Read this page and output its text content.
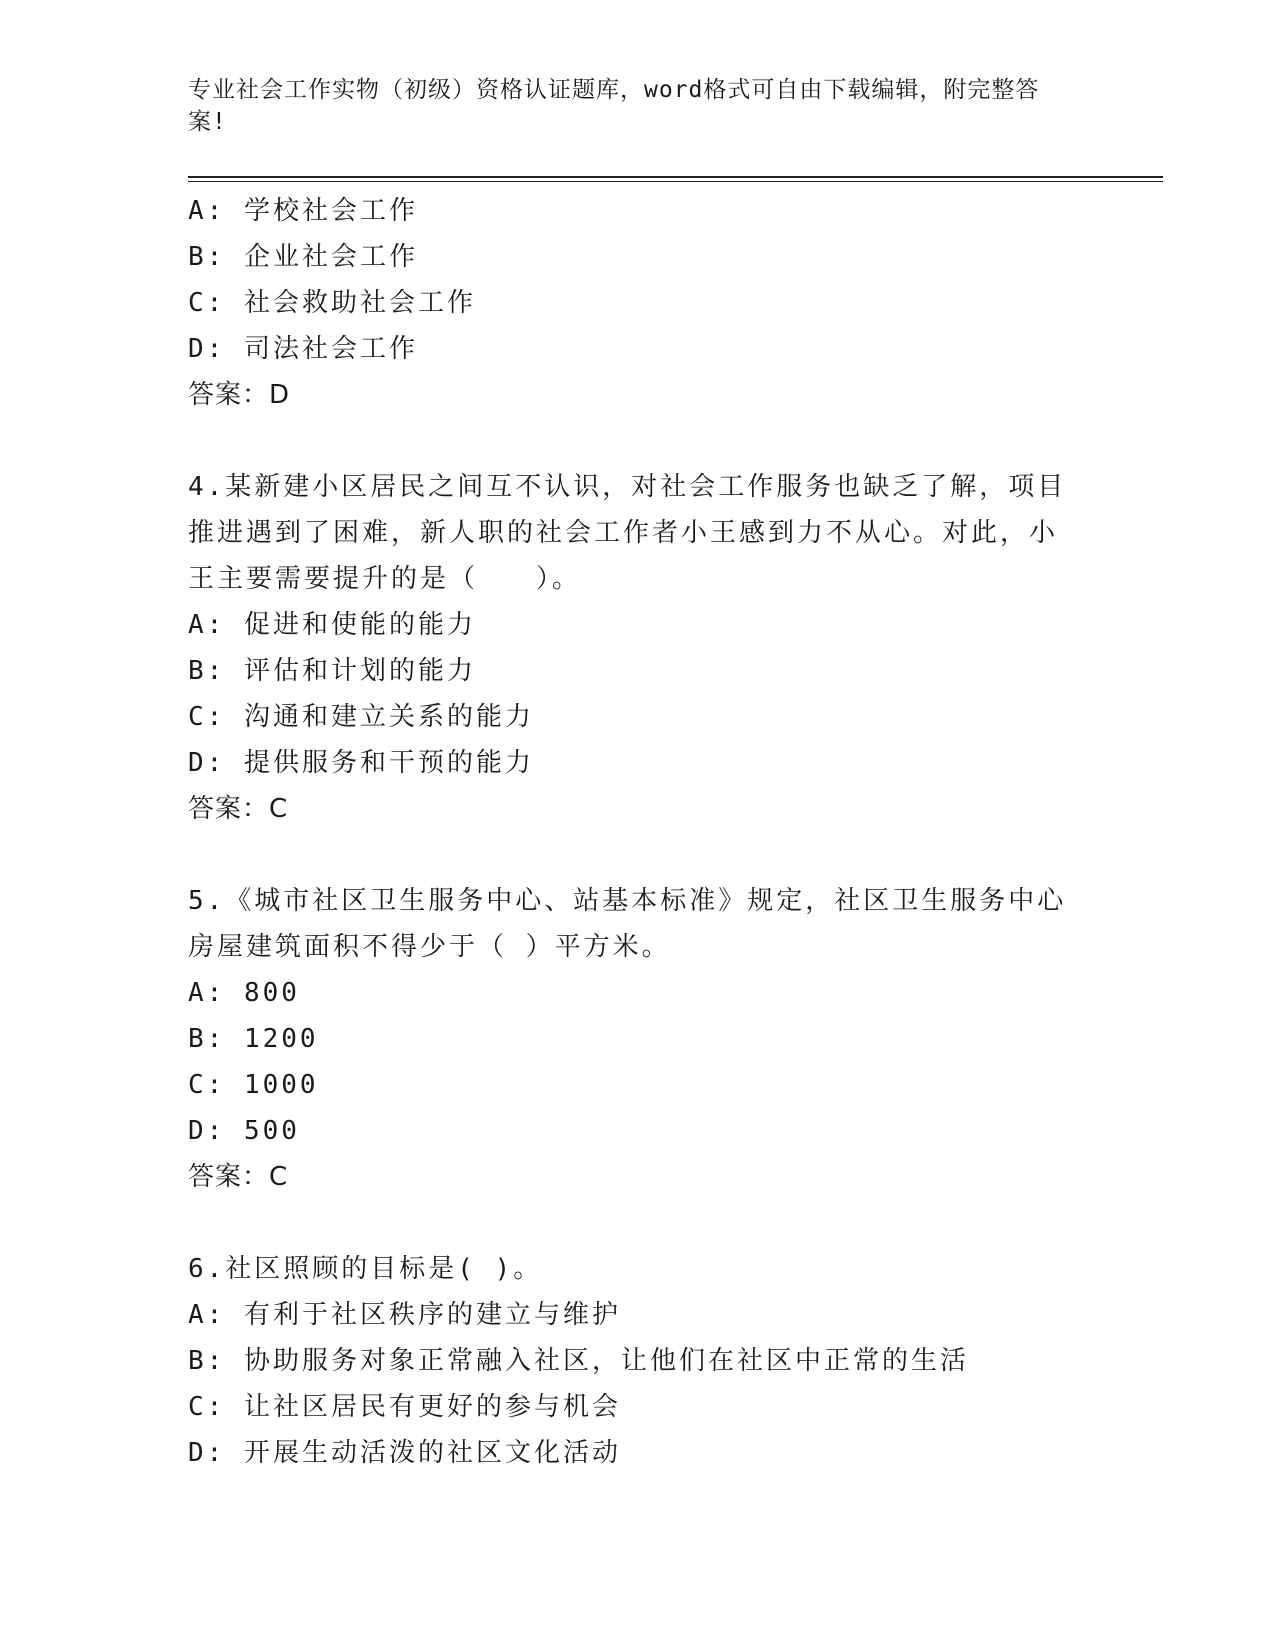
专业社会工作实物（初级）资格认证题库，word格式可自由下载编辑，附完整答案!
A: 学校社会工作
B: 企业社会工作
C: 社会救助社会工作
D: 司法社会工作
答案：D
4.某新建小区居民之间互不认识，对社会工作服务也缺乏了解，项目推进遇到了困难，新人职的社会工作者小王感到力不从心。对此，小王主要需要提升的是（　　）。
A: 促进和使能的能力
B: 评估和计划的能力
C: 沟通和建立关系的能力
D: 提供服务和干预的能力
答案：C
5.《城市社区卫生服务中心、站基本标准》规定，社区卫生服务中心房屋建筑面积不得少于（ ）平方米。
A: 800
B: 1200
C: 1000
D: 500
答案：C
6.社区照顾的目标是( )。
A: 有利于社区秩序的建立与维护
B: 协助服务对象正常融入社区，让他们在社区中正常的生活
C: 让社区居民有更好的参与机会
D: 开展生动活泼的社区文化活动
